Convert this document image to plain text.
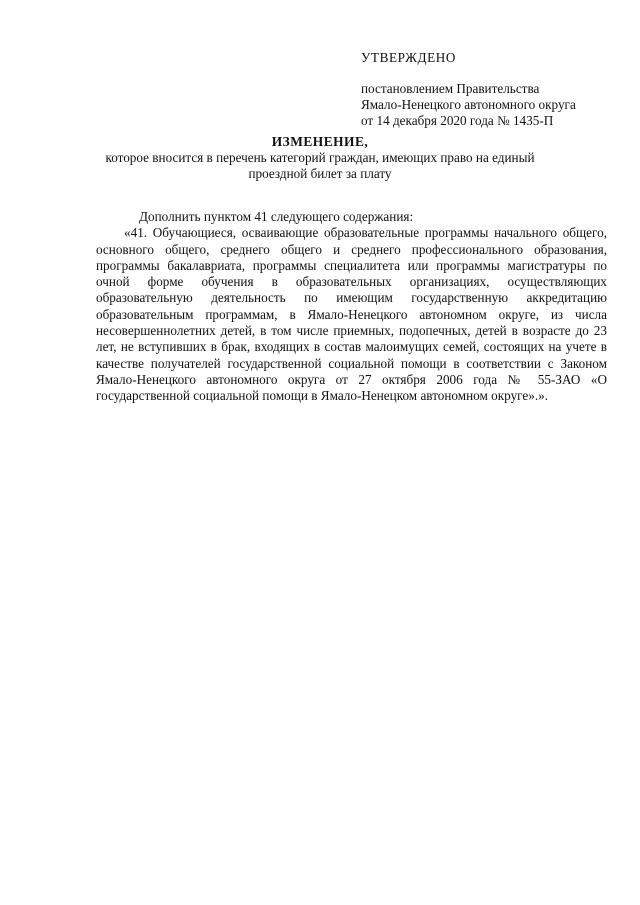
УТВЕРЖДЕНО
постановлением Правительства
Ямало-Ненецкого автономного округа
от 14 декабря 2020 года № 1435-П
ИЗМЕНЕНИЕ,
которое вносится в перечень категорий граждан, имеющих право на единый проездной билет за плату

Дополнить пунктом 41 следующего содержания:

«41. Обучающиеся, осваивающие образовательные программы начального общего, основного общего, среднего общего и среднего профессионального образования, программы бакалавриата, программы специалитета или программы магистратуры по очной форме обучения в образовательных организациях, осуществляющих образовательную деятельность по имеющим государственную аккредитацию образовательным программам, в Ямало-Ненецкого автономном округе, из числа несовершеннолетних детей, в том числе приемных, подопечных, детей в возрасте до 23 лет, не вступивших в брак, входящих в состав малоимущих семей, состоящих на учете в качестве получателей государственной социальной помощи в соответствии с Законом Ямало-Ненецкого автономного округа от 27 октября 2006 года № 55-ЗАО «О государственной социальной помощи в Ямало-Ненецком автономном округе».».
